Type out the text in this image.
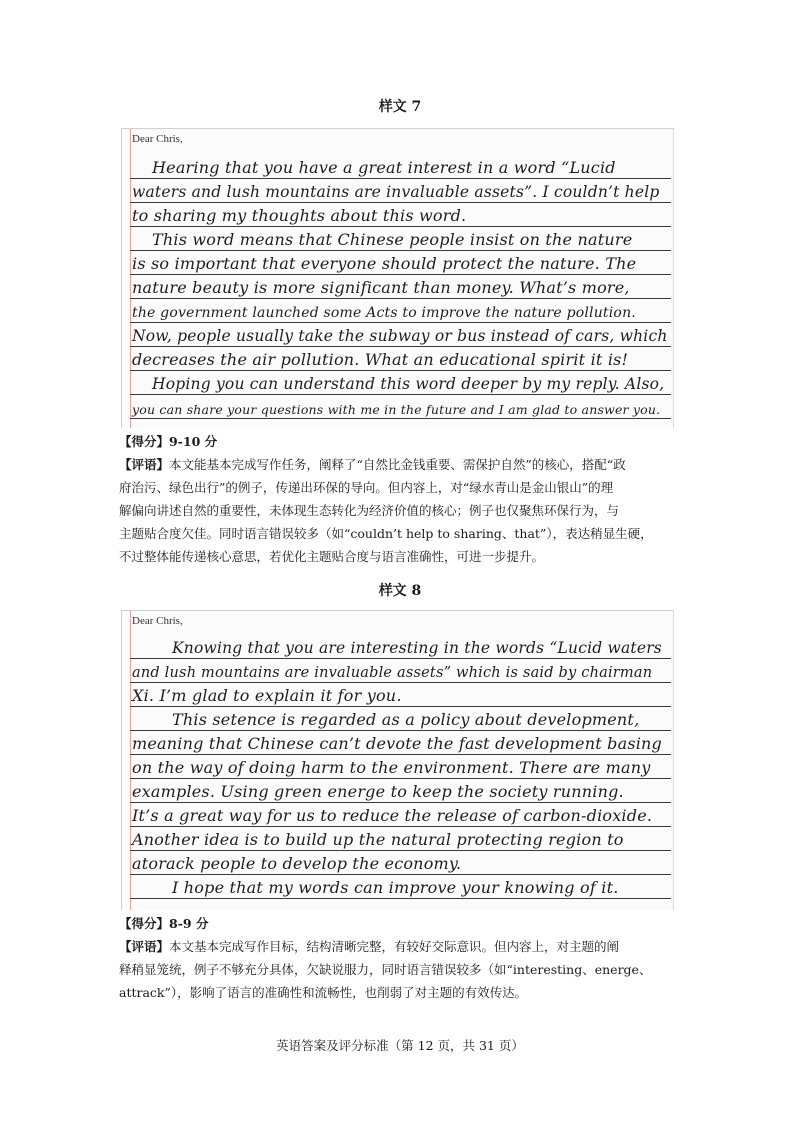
样文 7
Dear Chris,
Hearing that you have a great interest in a word “Lucid
waters and lush mountains are invaluable assets”. I couldn’t help
to sharing my thoughts about this word.
This word means that Chinese people insist on the nature
is so important that everyone should protect the nature. The
nature beauty is more significant than money. What’s more,
the government launched some Acts to improve the nature pollution.
Now, people usually take the subway or bus instead of cars, which
decreases the air pollution. What an educational spirit it is!
Hoping you can understand this word deeper by my reply. Also,
you can share your questions with me in the future and I am glad to answer you.
【得分】9-10 分
【评语】本文能基本完成写作任务，阐释了“自然比金钱重要、需保护自然”的核心，搭配“政
府治污、绿色出行”的例子，传递出环保的导向。但内容上，对“绿水青山是金山银山”的理
解偏向讲述自然的重要性，未体现生态转化为经济价值的核心；例子也仅聚焦环保行为，与
主题贴合度欠佳。同时语言错误较多（如“couldn’t help to sharing、that”），表达稍显生硬，
不过整体能传递核心意思，若优化主题贴合度与语言准确性，可进一步提升。
样文 8
Dear Chris,
Knowing that you are interesting in the words “Lucid waters
and lush mountains are invaluable assets” which is said by chairman
Xi. I’m glad to explain it for you.
This setence is regarded as a policy about development,
meaning that Chinese can’t devote the fast development basing
on the way of doing harm to the environment. There are many
examples. Using green energe to keep the society running.
It’s a great way for us to reduce the release of carbon-dioxide.
Another idea is to build up the natural protecting region to
atorack people to develop the economy.
I hope that my words can improve your knowing of it.
【得分】8-9 分
【评语】本文基本完成写作目标，结构清晰完整，有较好交际意识。但内容上，对主题的阐
释稍显笼统，例子不够充分具体，欠缺说服力，同时语言错误较多（如“interesting、energe、
attrack”），影响了语言的准确性和流畅性，也削弱了对主题的有效传达。
英语答案及评分标准（第 12 页，共 31 页）
